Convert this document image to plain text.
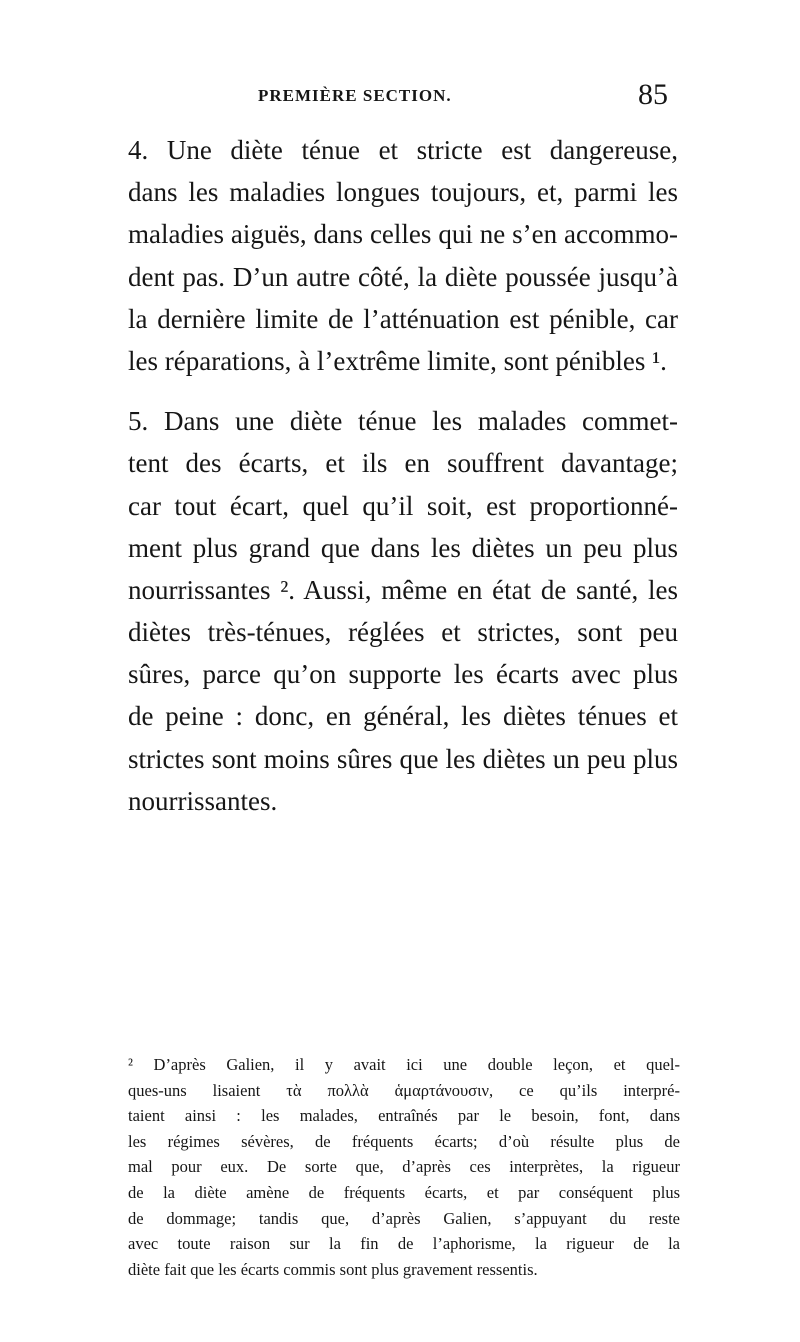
PREMIÈRE SECTION.	85
4. Une diète ténue et stricte est dangereuse,
dans les maladies longues toujours, et, parmi les
maladies aiguës, dans celles qui ne s’en accommo-
dent pas. D’un autre côté, la diète poussée jusqu’à
la dernière limite de l’atténuation est pénible, car
les réparations, à l’extrême limite, sont pénibles ¹.
5. Dans une diète ténue les malades commet-
tent des écarts, et ils en souffrent davantage;
car tout écart, quel qu’il soit, est proportionné-
ment plus grand que dans les diètes un peu plus
nourrissantes ². Aussi, même en état de santé, les
diètes très-ténues, réglées et strictes, sont peu
sûres, parce qu’on supporte les écarts avec plus
de peine : donc, en général, les diètes ténues et
strictes sont moins sûres que les diètes un peu plus
nourrissantes.
² D’après Galien, il y avait ici une double leçon, et quel-
ques-uns lisaient τὰ πολλὰ ἁμαρτάνουσιν, ce qu’ils interpré-
taient ainsi : les malades, entraînés par le besoin, font, dans
les régimes sévères, de fréquents écarts; d’où résulte plus de
mal pour eux. De sorte que, d’après ces interprètes, la rigueur
de la diète amène de fréquents écarts, et par conséquent plus
de dommage; tandis que, d’après Galien, s’appuyant du reste
avec toute raison sur la fin de l’aphorisme, la rigueur de la
diète fait que les écarts commis sont plus gravement ressentis.
